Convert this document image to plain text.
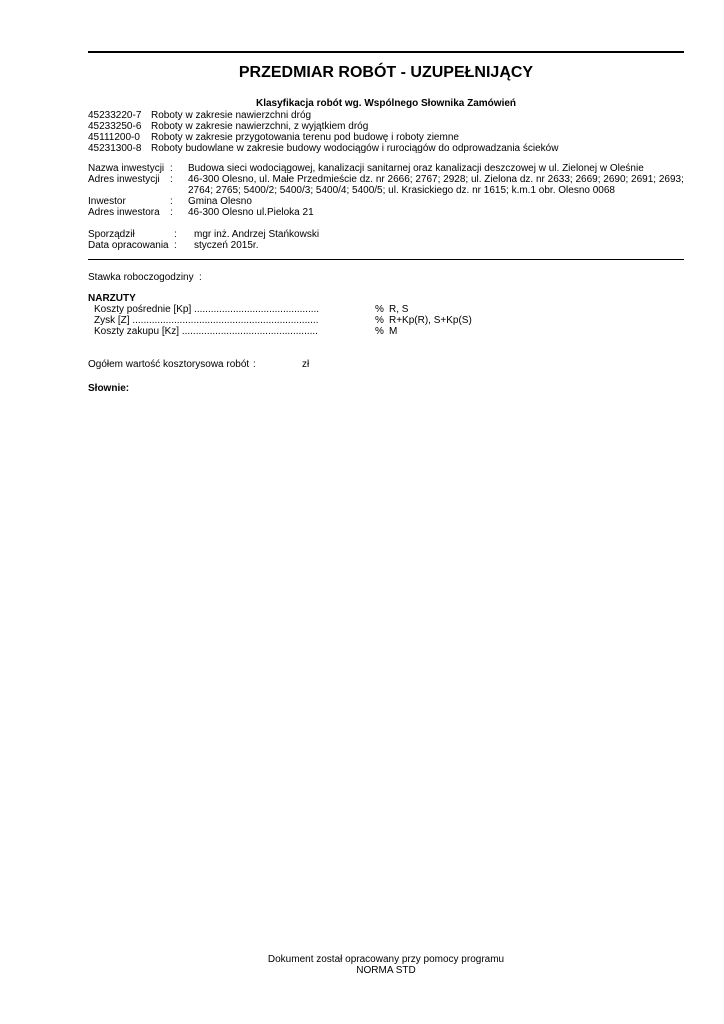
PRZEDMIAR ROBÓT - UZUPEŁNIJĄCY
Klasyfikacja robót wg. Wspólnego Słownika Zamówień
45233220-7 Roboty w zakresie nawierzchni dróg
45233250-6 Roboty w zakresie nawierzchni, z wyjątkiem dróg
45111200-0	Roboty w zakresie przygotowania terenu pod budowę i roboty ziemne
45231300-8 Roboty budowlane w zakresie budowy wodociągów i rurociągów do odprowadzania ścieków
Nazwa inwestycji :	Budowa sieci wodociągowej, kanalizacji sanitarnej oraz kanalizacji deszczowej w ul. Zielonej w Oleśnie
Adres inwestycji	:	46-300 Olesno, ul. Małe Przedmieście dz. nr 2666; 2767; 2928; ul. Zielona dz. nr 2633; 2669; 2690; 2691; 2693; 2764; 2765; 5400/2; 5400/3; 5400/4; 5400/5; ul. Krasickiego dz. nr 1615; k.m.1 obr. Olesno 0068
Inwestor	:	Gmina Olesno
Adres inwestora	:	46-300 Olesno ul.Pieloka 21
Sporządził	:	mgr inż. Andrzej Stańkowski
Data opracowania :	styczeń 2015r.
Stawka roboczogodziny :
NARZUTY
Koszty pośrednie [Kp] .............................................	% R, S
Zysk [Z] ...................................................................	% R+Kp(R), S+Kp(S)
Koszty zakupu [Kz] .................................................	% M
Ogółem wartość kosztorysowa robót :	zł
Słownie:
Dokument został opracowany przy pomocy programu
NORMA STD
